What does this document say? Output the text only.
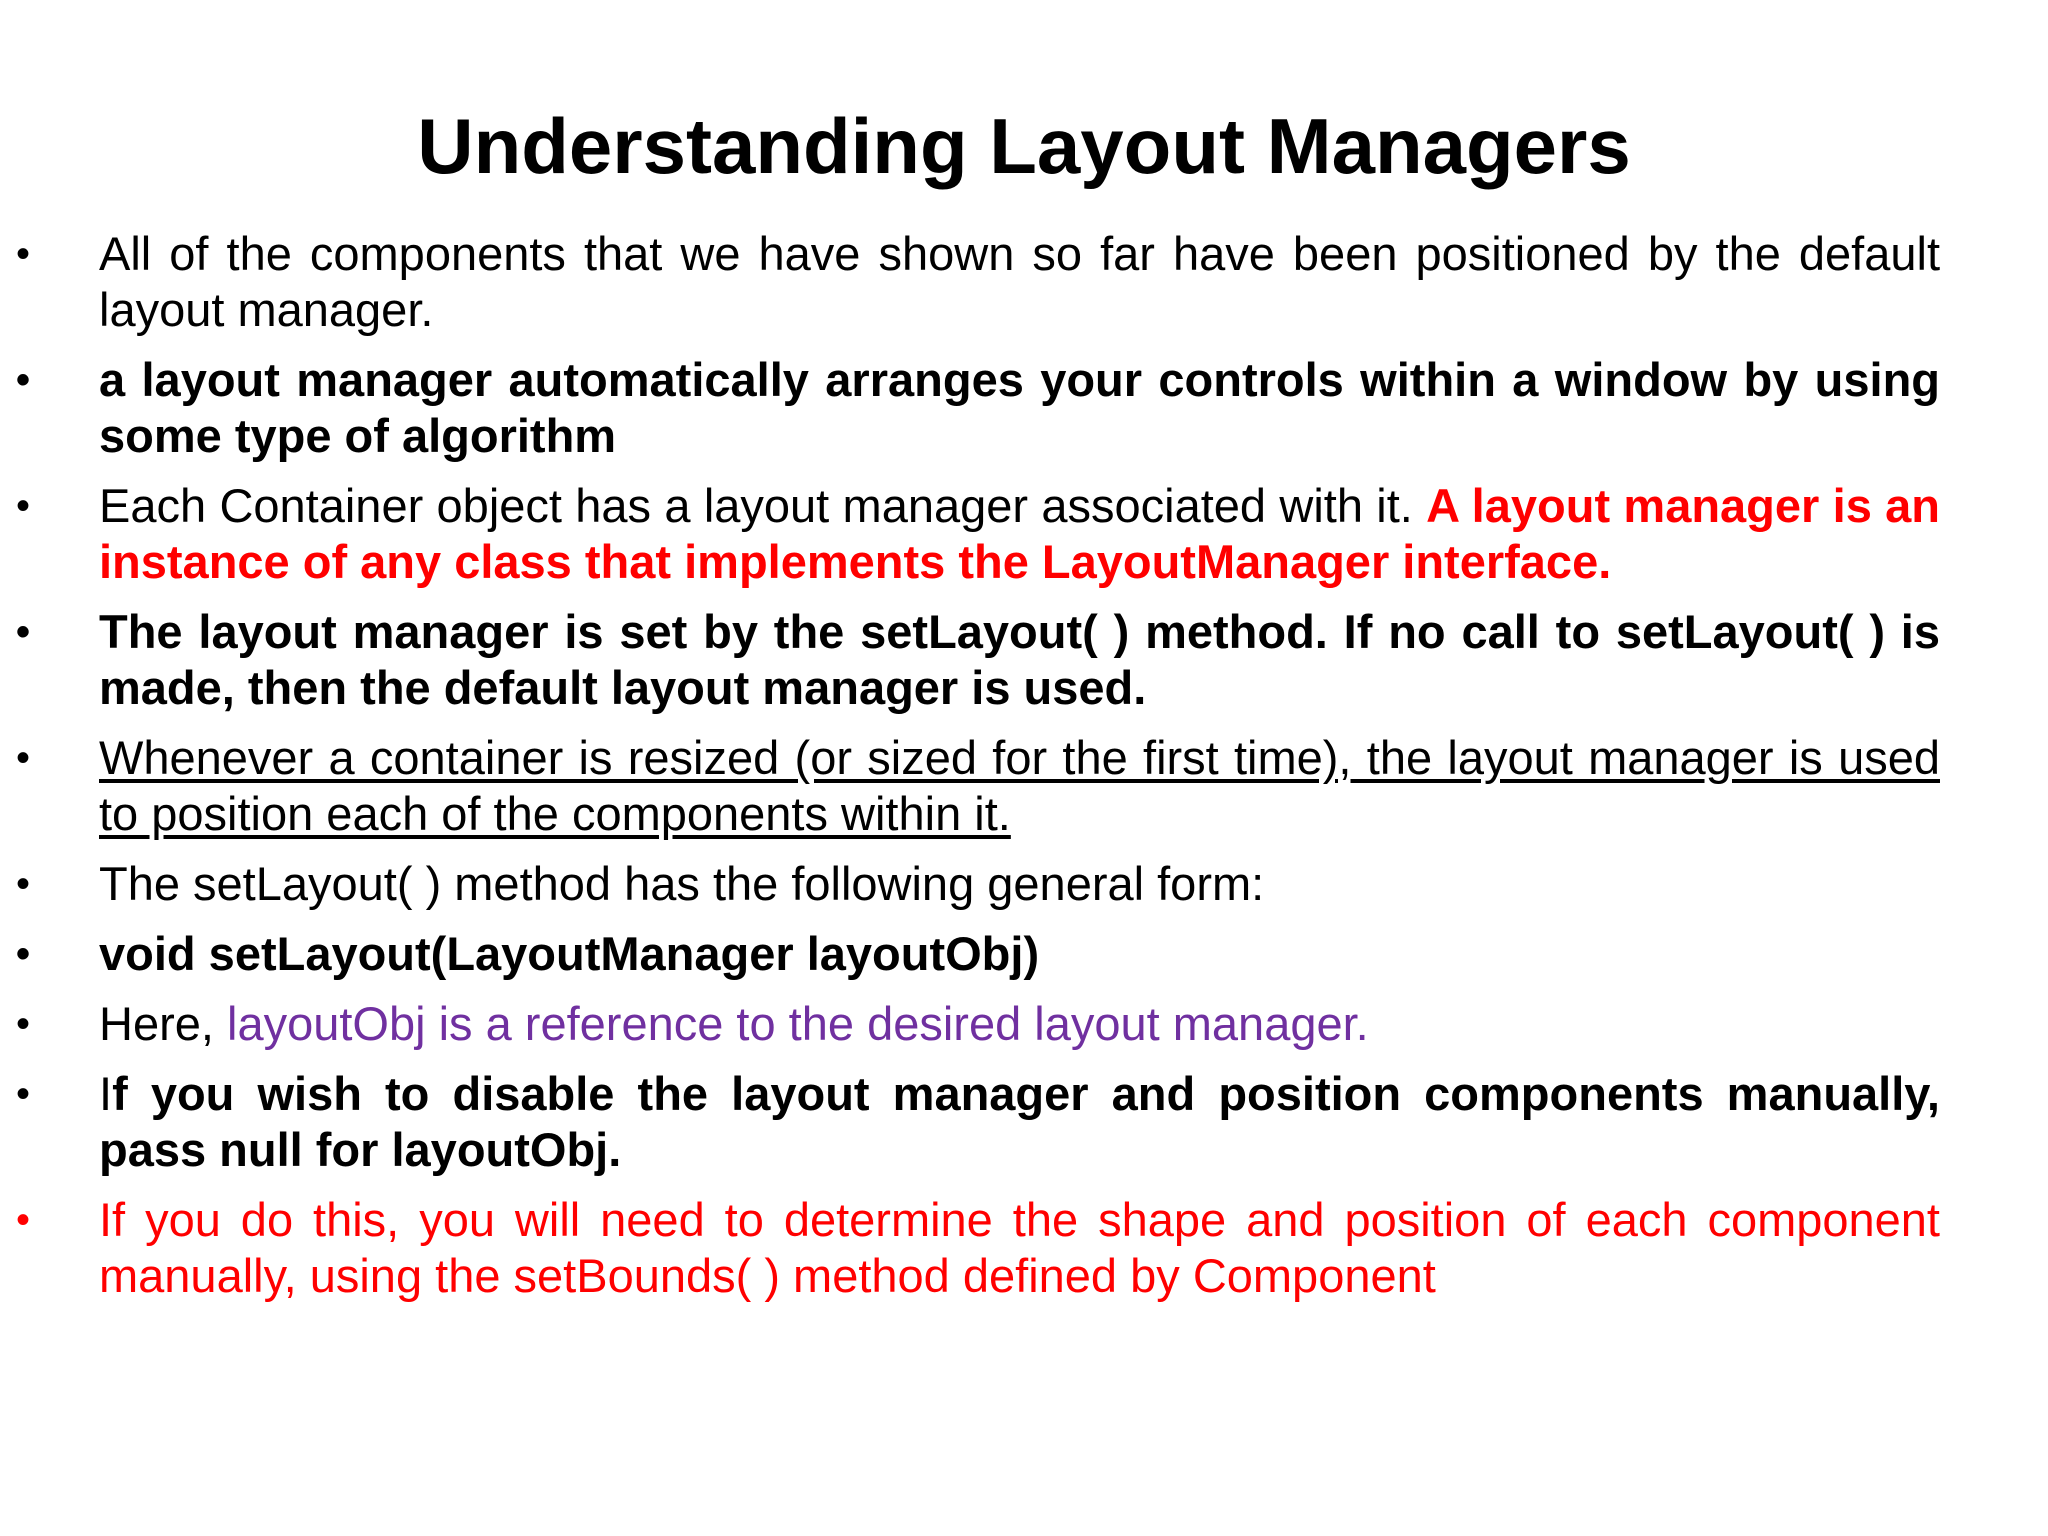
Understanding Layout Managers
•	All of the components that we have shown so far have been positioned by the default layout manager.
•	a layout manager automatically arranges your controls within a window by using some type of algorithm
•	Each Container object has a layout manager associated with it. A layout manager is an instance of any class that implements the LayoutManager interface.
•	The layout manager is set by the setLayout( ) method. If no call to setLayout( ) is made, then the default layout manager is used.
•	Whenever a container is resized (or sized for the first time), the layout manager is used to position each of the components within it.
•	The setLayout( ) method has the following general form:
•	void setLayout(LayoutManager layoutObj)
•	Here, layoutObj is a reference to the desired layout manager.
•	If you wish to disable the layout manager and position components manually, pass null for layoutObj.
•	If you do this, you will need to determine the shape and position of each component manually, using the setBounds( ) method defined by Component
